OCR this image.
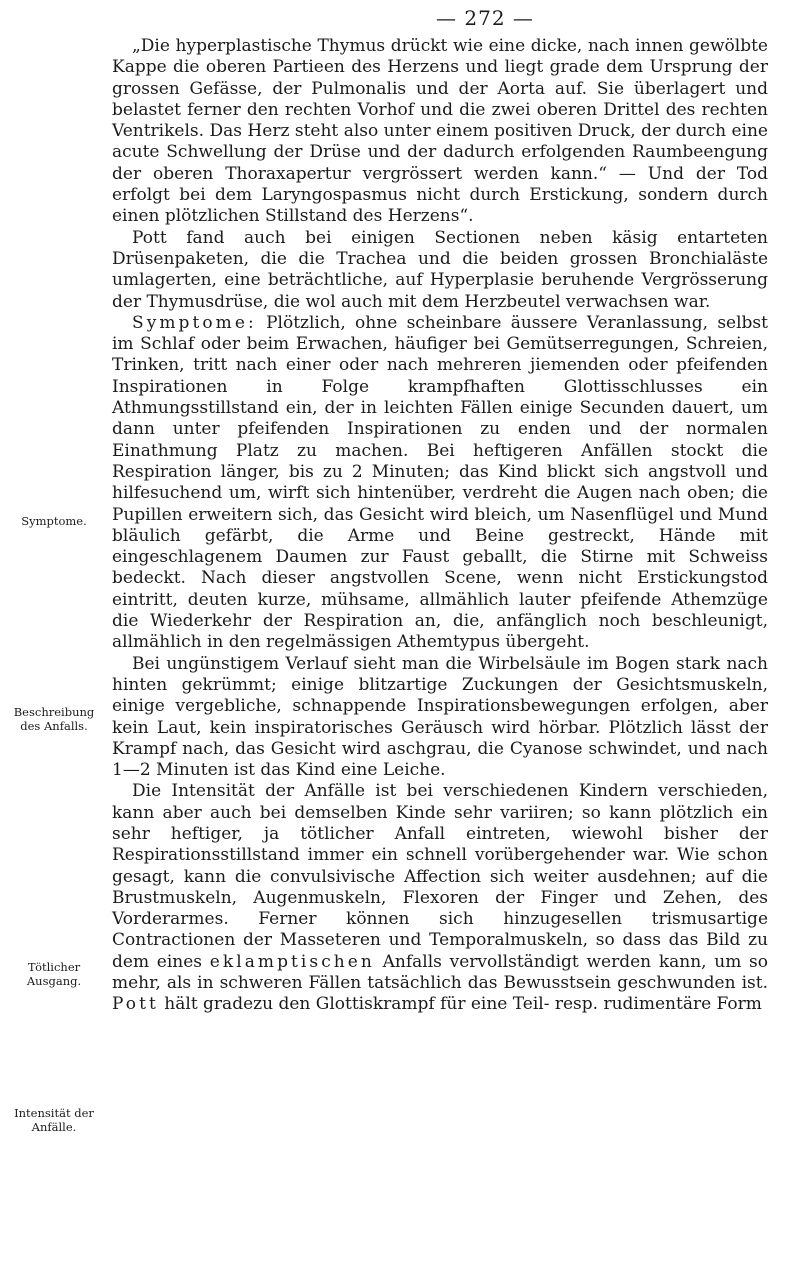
— 272 —
Symptome.
Beschreibung des Anfalls.
Tötlicher Ausgang.
Intensität der Anfälle.

„Die hyperplastische Thymus drückt wie eine dicke, nach innen gewölbte Kappe die oberen Partieen des Herzens und liegt grade dem Ursprung der grossen Gefässe, der Pulmonalis und der Aorta auf. Sie überlagert und belastet ferner den rechten Vorhof und die zwei oberen Drittel des rechten Ventrikels. Das Herz steht also unter einem positiven Druck, der durch eine acute Schwellung der Drüse und der dadurch erfolgenden Raumbeengung der oberen Thoraxapertur vergrössert werden kann.“ — Und der Tod erfolgt bei dem Laryngospasmus nicht durch Erstickung, sondern durch einen plötzlichen Stillstand des Herzens“.

Pott fand auch bei einigen Sectionen neben käsig entarteten Drüsenpaketen, die die Trachea und die beiden grossen Bronchialäste umlagerten, eine beträchtliche, auf Hyperplasie beruhende Vergrösserung der Thymusdrüse, die wol auch mit dem Herzbeutel verwachsen war.

Symptome: Plötzlich, ohne scheinbare äussere Veranlassung, selbst im Schlaf oder beim Erwachen, häufiger bei Gemütserregungen, Schreien, Trinken, tritt nach einer oder nach mehreren jiemenden oder pfeifenden Inspirationen in Folge krampfhaften Glottisschlusses ein Athmungsstillstand ein, der in leichten Fällen einige Secunden dauert, um dann unter pfeifenden Inspirationen zu enden und der normalen Einathmung Platz zu machen. Bei heftigeren Anfällen stockt die Respiration länger, bis zu 2 Minuten; das Kind blickt sich angstvoll und hilfesuchend um, wirft sich hintenüber, verdreht die Augen nach oben; die Pupillen erweitern sich, das Gesicht wird bleich, um Nasenflügel und Mund bläulich gefärbt, die Arme und Beine gestreckt, Hände mit eingeschlagenem Daumen zur Faust geballt, die Stirne mit Schweiss bedeckt. Nach dieser angstvollen Scene, wenn nicht Erstickungstod eintritt, deuten kurze, mühsame, allmählich lauter pfeifende Athemzüge die Wiederkehr der Respiration an, die, anfänglich noch beschleunigt, allmählich in den regelmässigen Athemtypus übergeht.

Bei ungünstigem Verlauf sieht man die Wirbelsäule im Bogen stark nach hinten gekrümmt; einige blitzartige Zuckungen der Gesichtsmuskeln, einige vergebliche, schnappende Inspirationsbewegungen erfolgen, aber kein Laut, kein inspiratorisches Geräusch wird hörbar. Plötzlich lässt der Krampf nach, das Gesicht wird aschgrau, die Cyanose schwindet, und nach 1—2 Minuten ist das Kind eine Leiche.

Die Intensität der Anfälle ist bei verschiedenen Kindern verschieden, kann aber auch bei demselben Kinde sehr variiren; so kann plötzlich ein sehr heftiger, ja tötlicher Anfall eintreten, wiewohl bisher der Respirationsstillstand immer ein schnell vorübergehender war. Wie schon gesagt, kann die convulsivische Affection sich weiter ausdehnen; auf die Brustmuskeln, Augenmuskeln, Flexoren der Finger und Zehen, des Vorderarmes. Ferner können sich hinzugesellen trismusartige Contractionen der Masseteren und Temporalmuskeln, so dass das Bild zu dem eines eklamptischen Anfalls vervollständigt werden kann, um so mehr, als in schweren Fällen tatsächlich das Bewusstsein geschwunden ist. Pott hält gradezu den Glottiskrampf für eine Teil- resp. rudimentäre Form
